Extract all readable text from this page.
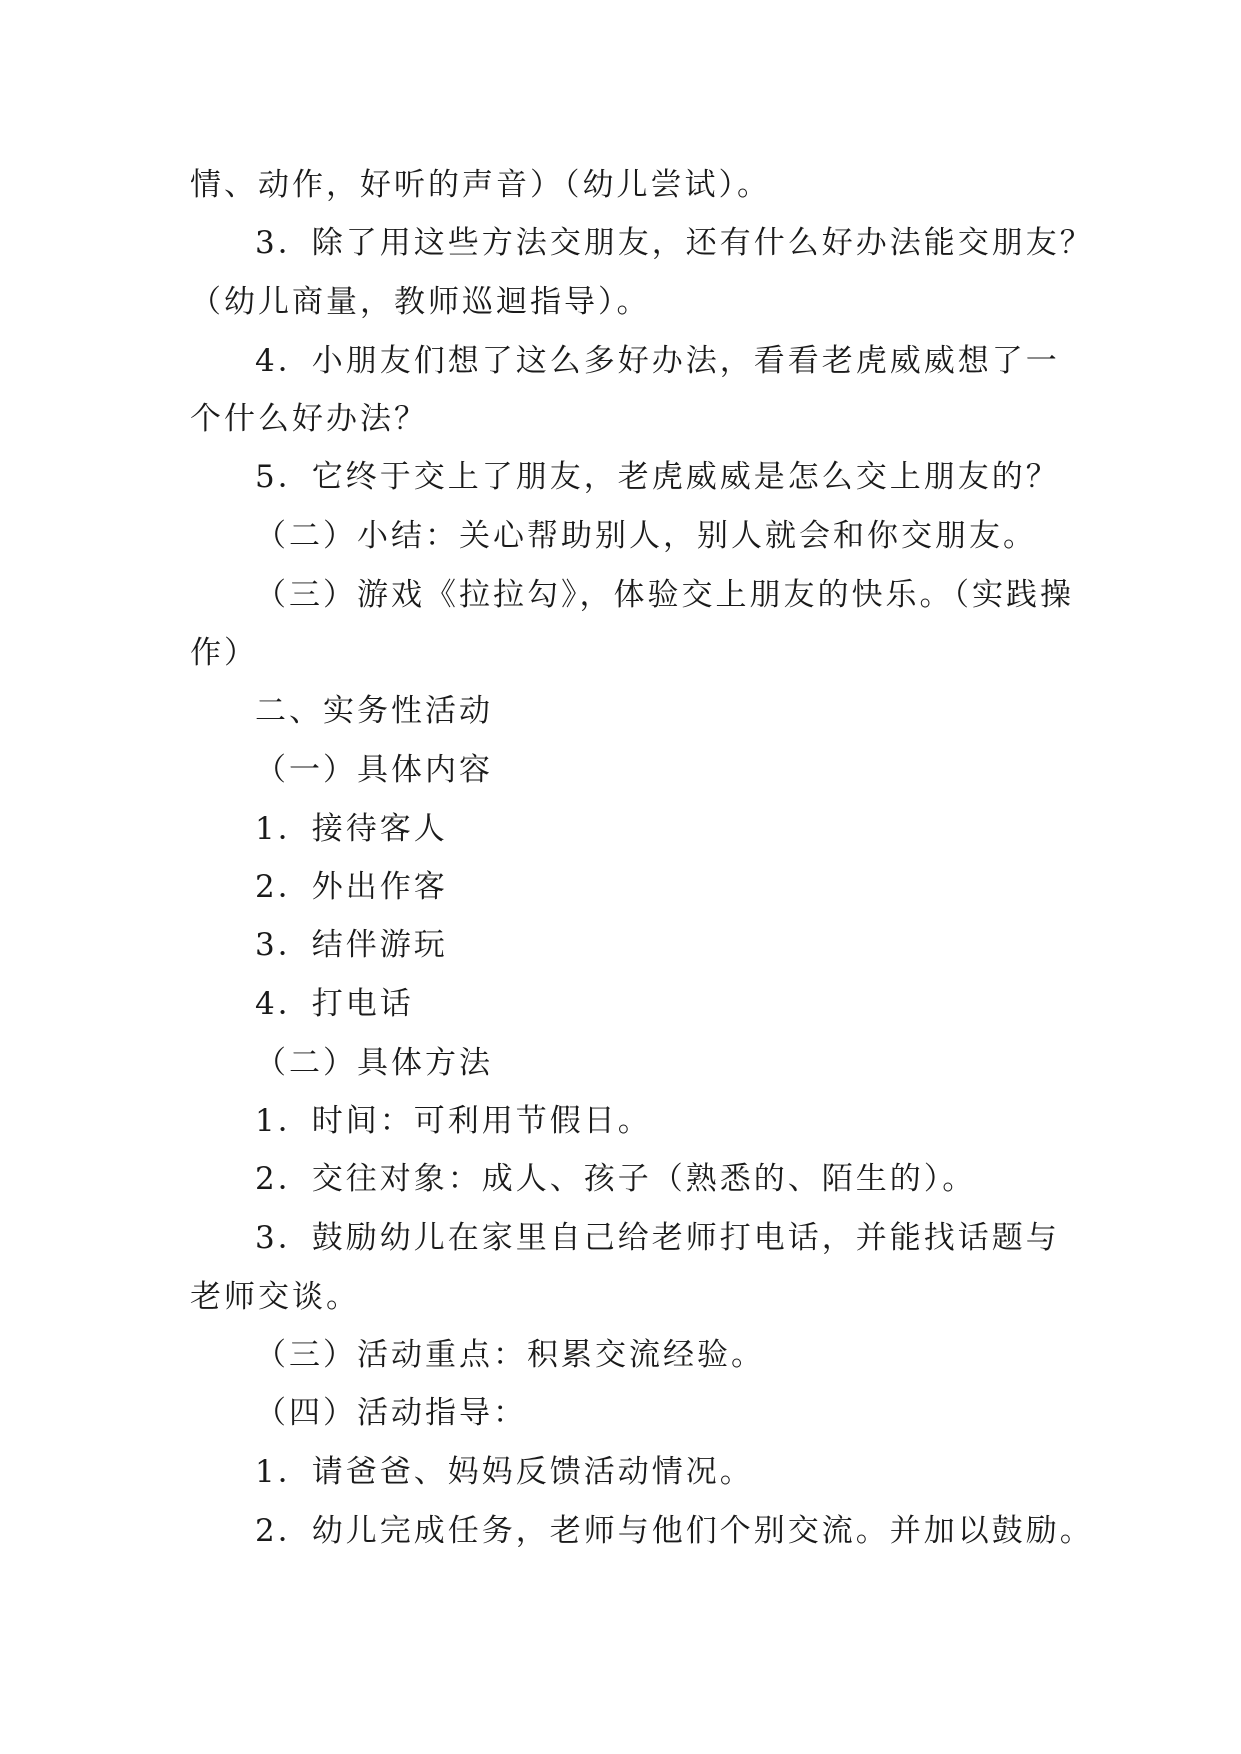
情、动作，好听的声音）（幼儿尝试）。
3．除了用这些方法交朋友，还有什么好办法能交朋友？
（幼儿商量，教师巡迴指导）。
4．小朋友们想了这么多好办法，看看老虎威威想了一
个什么好办法？
5．它终于交上了朋友，老虎威威是怎么交上朋友的？
（二）小结：关心帮助别人，别人就会和你交朋友。
（三）游戏《拉拉勾》，体验交上朋友的快乐。（实践操
作）
二、实务性活动
（一）具体内容
1．接待客人
2．外出作客
3．结伴游玩
4．打电话
（二）具体方法
1．时间：可利用节假日。
2．交往对象：成人、孩子（熟悉的、陌生的）。
3．鼓励幼儿在家里自己给老师打电话，并能找话题与
老师交谈。
（三）活动重点：积累交流经验。
（四）活动指导：
1．请爸爸、妈妈反馈活动情况。
2．幼儿完成任务，老师与他们个别交流。并加以鼓励。
